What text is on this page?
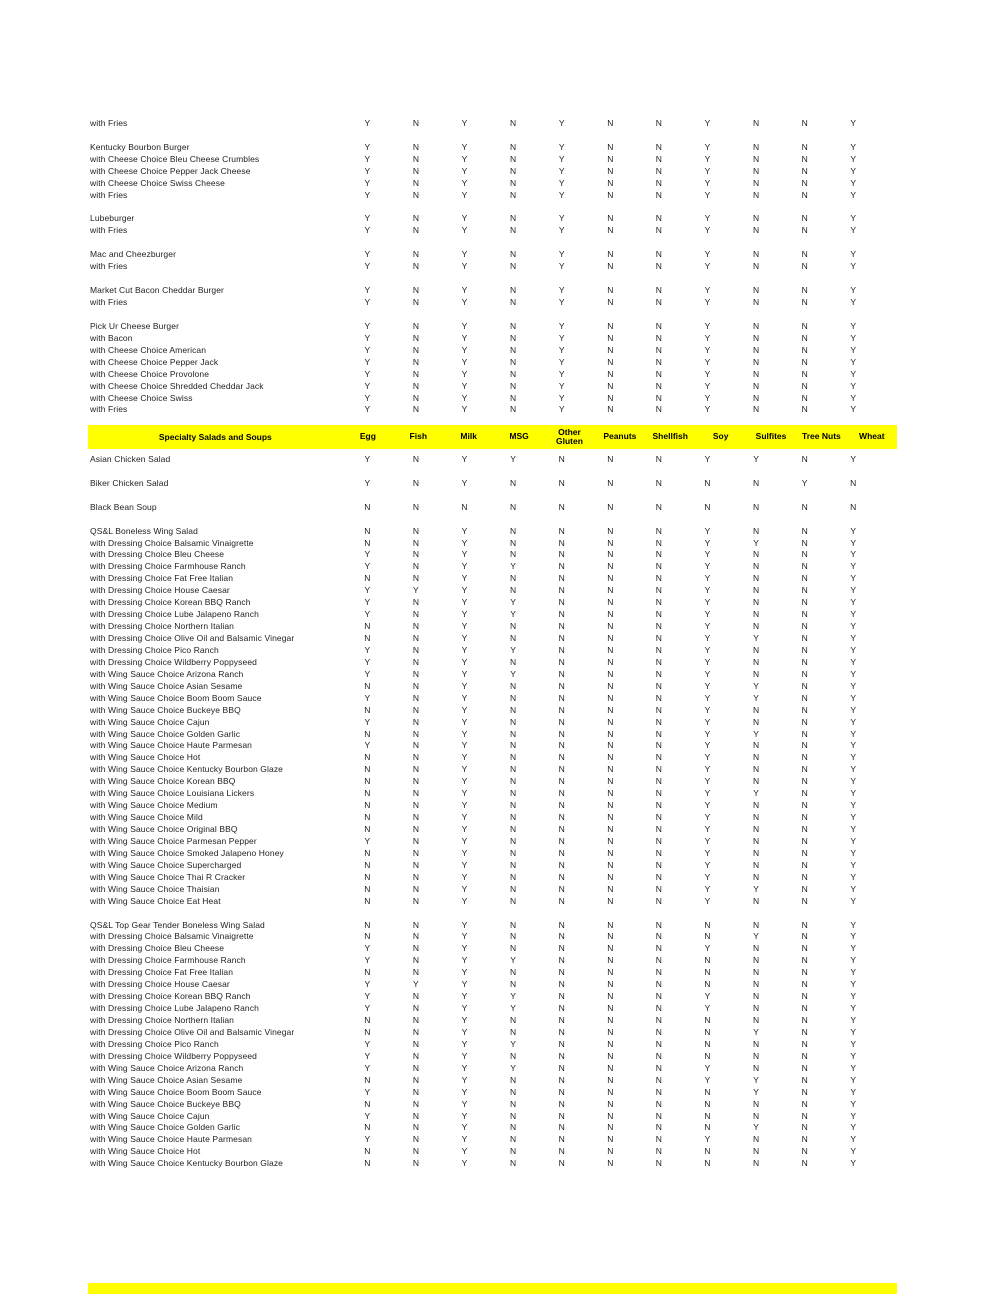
with Fries	Y	N	Y	N	Y	N	N	Y	N	N	Y
Kentucky Bourbon Burger	Y	N	Y	N	Y	N	N	Y	N	N	Y
with Cheese Choice Bleu Cheese Crumbles	Y	N	Y	N	Y	N	N	Y	N	N	Y
with Cheese Choice Pepper Jack Cheese	Y	N	Y	N	Y	N	N	Y	N	N	Y
with Cheese Choice Swiss Cheese	Y	N	Y	N	Y	N	N	Y	N	N	Y
with Fries	Y	N	Y	N	Y	N	N	Y	N	N	Y
Lubeburger	Y	N	Y	N	Y	N	N	Y	N	N	Y
with Fries	Y	N	Y	N	Y	N	N	Y	N	N	Y
Mac and Cheezburger	Y	N	Y	N	Y	N	N	Y	N	N	Y
with Fries	Y	N	Y	N	Y	N	N	Y	N	N	Y
Market Cut Bacon Cheddar Burger	Y	N	Y	N	Y	N	N	Y	N	N	Y
with Fries	Y	N	Y	N	Y	N	N	Y	N	N	Y
Pick Ur Cheese Burger	Y	N	Y	N	Y	N	N	Y	N	N	Y
with Bacon	Y	N	Y	N	Y	N	N	Y	N	N	Y
with Cheese Choice American	Y	N	Y	N	Y	N	N	Y	N	N	Y
with Cheese Choice Pepper Jack	Y	N	Y	N	Y	N	N	Y	N	N	Y
with Cheese Choice Provolone	Y	N	Y	N	Y	N	N	Y	N	N	Y
with Cheese Choice Shredded Cheddar Jack	Y	N	Y	N	Y	N	N	Y	N	N	Y
with Cheese Choice Swiss	Y	N	Y	N	Y	N	N	Y	N	N	Y
with Fries	Y	N	Y	N	Y	N	N	Y	N	N	Y
Specialty Salads and Soups	Egg	Fish	Milk	MSG	Other Gluten	Peanuts	Shellfish	Soy	Sulfites	Tree Nuts	Wheat
Asian Chicken Salad	Y	N	Y	Y	N	N	N	Y	Y	N	Y
Biker Chicken Salad	Y	N	Y	N	N	N	N	N	N	Y	N
Black Bean Soup	N	N	N	N	N	N	N	N	N	N	N
QS&L Boneless Wing Salad	N	N	Y	N	N	N	N	Y	N	N	Y
with Dressing Choice Balsamic Vinaigrette	N	N	Y	N	N	N	N	Y	Y	N	Y
with Dressing Choice Bleu Cheese	Y	N	Y	N	N	N	N	Y	N	N	Y
with Dressing Choice Farmhouse Ranch	Y	N	Y	Y	N	N	N	Y	N	N	Y
with Dressing Choice Fat Free Italian	N	N	Y	N	N	N	N	Y	N	N	Y
with Dressing Choice House Caesar	Y	Y	Y	N	N	N	N	Y	N	N	Y
with Dressing Choice Korean BBQ Ranch	Y	N	Y	Y	N	N	N	Y	N	N	Y
with Dressing Choice Lube Jalapeno Ranch	Y	N	Y	Y	N	N	N	Y	N	N	Y
with Dressing Choice Northern Italian	N	N	Y	N	N	N	N	Y	N	N	Y
with Dressing Choice Olive Oil and Balsamic Vinegar	N	N	Y	N	N	N	N	Y	Y	N	Y
with Dressing Choice Pico Ranch	Y	N	Y	Y	N	N	N	Y	N	N	Y
with Dressing Choice Wildberry Poppyseed	Y	N	Y	N	N	N	N	Y	N	N	Y
with Wing Sauce Choice Arizona Ranch	Y	N	Y	Y	N	N	N	Y	N	N	Y
with Wing Sauce Choice Asian Sesame	N	N	Y	N	N	N	N	Y	Y	N	Y
with Wing Sauce Choice Boom Boom Sauce	Y	N	Y	N	N	N	N	Y	Y	N	Y
with Wing Sauce Choice Buckeye BBQ	N	N	Y	N	N	N	N	Y	N	N	Y
with Wing Sauce Choice Cajun	Y	N	Y	N	N	N	N	Y	N	N	Y
with Wing Sauce Choice Golden Garlic	N	N	Y	N	N	N	N	Y	Y	N	Y
with Wing Sauce Choice Haute Parmesan	Y	N	Y	N	N	N	N	Y	N	N	Y
with Wing Sauce Choice Hot	N	N	Y	N	N	N	N	Y	N	N	Y
with Wing Sauce Choice Kentucky Bourbon Glaze	N	N	Y	N	N	N	N	Y	N	N	Y
with Wing Sauce Choice Korean BBQ	N	N	Y	N	N	N	N	Y	N	N	Y
with Wing Sauce Choice Louisiana Lickers	N	N	Y	N	N	N	N	Y	Y	N	Y
with Wing Sauce Choice Medium	N	N	Y	N	N	N	N	Y	N	N	Y
with Wing Sauce Choice Mild	N	N	Y	N	N	N	N	Y	N	N	Y
with Wing Sauce Choice Original BBQ	N	N	Y	N	N	N	N	Y	N	N	Y
with Wing Sauce Choice Parmesan Pepper	Y	N	Y	N	N	N	N	Y	N	N	Y
with Wing Sauce Choice Smoked Jalapeno Honey	N	N	Y	N	N	N	N	Y	N	N	Y
with Wing Sauce Choice Supercharged	N	N	Y	N	N	N	N	Y	N	N	Y
with Wing Sauce Choice Thai R Cracker	N	N	Y	N	N	N	N	Y	N	N	Y
with Wing Sauce Choice Thaisian	N	N	Y	N	N	N	N	Y	Y	N	Y
with Wing Sauce Choice Eat Heat	N	N	Y	N	N	N	N	Y	N	N	Y
QS&L Top Gear Tender Boneless Wing Salad	N	N	Y	N	N	N	N	N	N	N	Y
with Dressing Choice Balsamic Vinaigrette	N	N	Y	N	N	N	N	N	Y	N	Y
with Dressing Choice Bleu Cheese	Y	N	Y	N	N	N	N	Y	N	N	Y
with Dressing Choice Farmhouse Ranch	Y	N	Y	Y	N	N	N	N	N	N	Y
with Dressing Choice Fat Free Italian	N	N	Y	N	N	N	N	N	N	N	Y
with Dressing Choice House Caesar	Y	Y	Y	N	N	N	N	N	N	N	Y
with Dressing Choice Korean BBQ Ranch	Y	N	Y	Y	N	N	N	Y	N	N	Y
with Dressing Choice Lube Jalapeno Ranch	Y	N	Y	Y	N	N	N	Y	N	N	Y
with Dressing Choice Northern Italian	N	N	Y	N	N	N	N	N	N	N	Y
with Dressing Choice Olive Oil and Balsamic Vinegar	N	N	Y	N	N	N	N	N	Y	N	Y
with Dressing Choice Pico Ranch	Y	N	Y	Y	N	N	N	N	N	N	Y
with Dressing Choice Wildberry Poppyseed	Y	N	Y	N	N	N	N	N	N	N	Y
with Wing Sauce Choice Arizona Ranch	Y	N	Y	Y	N	N	N	Y	N	N	Y
with Wing Sauce Choice Asian Sesame	N	N	Y	N	N	N	N	Y	Y	N	Y
with Wing Sauce Choice Boom Boom Sauce	Y	N	Y	N	N	N	N	N	Y	N	Y
with Wing Sauce Choice Buckeye BBQ	N	N	Y	N	N	N	N	N	N	N	Y
with Wing Sauce Choice Cajun	Y	N	Y	N	N	N	N	N	N	N	Y
with Wing Sauce Choice Golden Garlic	N	N	Y	N	N	N	N	N	Y	N	Y
with Wing Sauce Choice Haute Parmesan	Y	N	Y	N	N	N	N	Y	N	N	Y
with Wing Sauce Choice Hot	N	N	Y	N	N	N	N	N	N	N	Y
with Wing Sauce Choice Kentucky Bourbon Glaze	N	N	Y	N	N	N	N	N	N	N	Y
